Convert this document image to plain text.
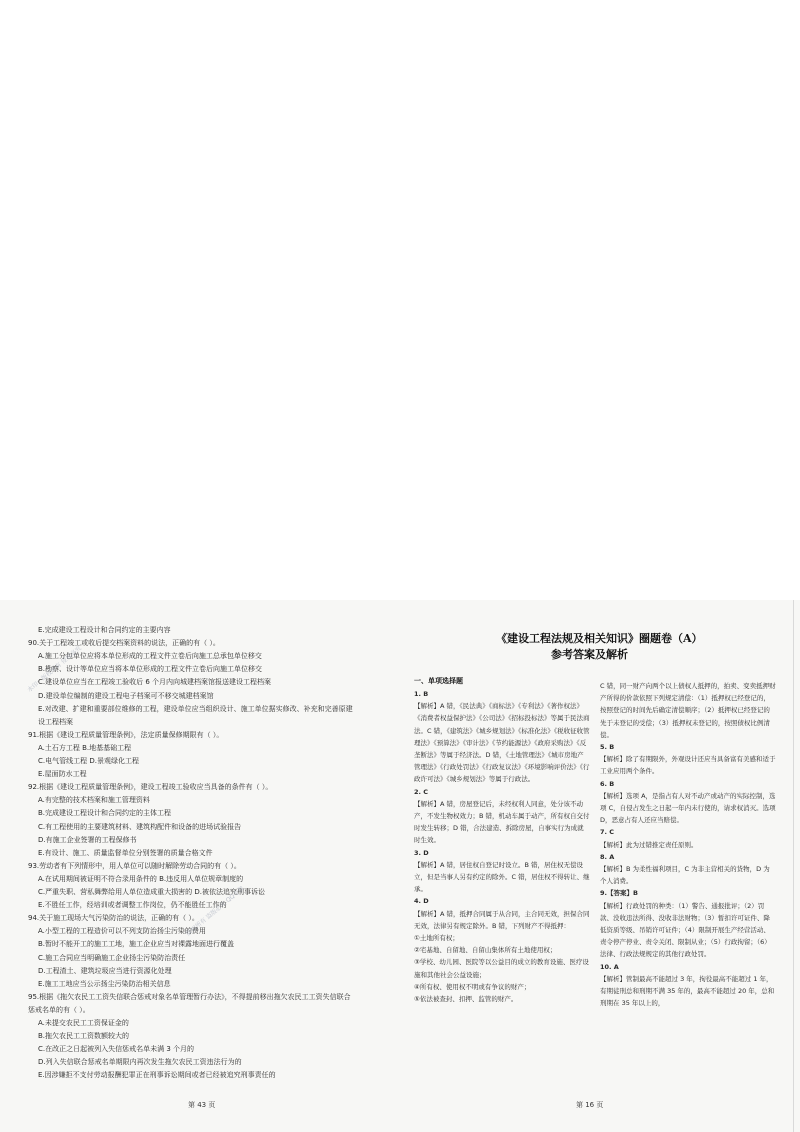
第 43 页
E.完成建设工程设计和合同约定的主要内容
90.关于工程竣工或收后提交档案资料的说法，正确的有（ ）。
A.施工分包单位应将本单位形成的工程文件立卷后向施工总承包单位移交
B.勘察、设计等单位应当将本单位形成的工程文件立卷后向施工单位移交
C.建设单位应当在工程竣工验收后 6 个月内向城建档案馆报送建设工程档案
D.建设单位编制的建设工程电子档案可不移交城建档案馆
E.对改建、扩建和重要部位维修的工程，建设单位应当组织设计、施工单位据实修改、补充和完善原建
设工程档案
91.根据《建设工程质量管理条例》，法定质量保修期限有（ ）。
A.土石方工程 B.地基基础工程
C.电气管线工程 D.景观绿化工程
E.屋面防水工程
92.根据《建设工程质量管理条例》，建设工程竣工验收应当具备的条件有（ ）。
A.有完整的技术档案和施工管理资料
B.完成建设工程设计和合同约定的主体工程
C.有工程使用的主要建筑材料、建筑构配件和设备的进场试验报告
D.有施工企业签署的工程保修书
E.有设计、施工、质量监督单位分别签署的质量合格文件
93.劳动者有下列情形中，用人单位可以随时解除劳动合同的有（ ）。
A.在试用期间被证明不符合录用条件的 B.违反用人单位规章制度的
C.严重失职、营私舞弊给用人单位造成重大损害的 D.被依法追究刑事诉讼
E.不胜任工作，经培训或者调整工作岗位，仍不能胜任工作的
94.关于施工现场大气污染防治的说法，正确的有（ ）。
A.小型工程的工程造价可以不列支防治扬尘污染的费用
B.暂时不能开工的施工工地，施工企业应当对裸露地面进行覆盖
C.施工合同应当明确施工企业扬尘污染防治责任
D.工程渣土、建筑垃圾应当进行资源化处理
E.施工工地应当公示扬尘污染防治相关信息
95.根据《拖欠农民工工资失信联合惩戒对象名单管理暂行办法》，不得提前移出拖欠农民工工资失信联合
惩戒名单的有（ ）。
A.未提交农民工工资保证金的
B.拖欠农民工工资数额较大的
C.在改正之日起被列入失信惩戒名单未满 3 个月的
D.列入失信联合惩戒名单期限内再次发生拖欠农民工资违法行为的
E.因涉嫌拒不支付劳动报酬犯罪正在刑事诉讼期间或者已经被追究刑事责任的
《建设工程法规及相关知识》圈题卷（A）
参考答案及解析
一、单项选择题
1. B
【解析】A 错，《民法典》《商标法》《专利法》《著作权法》《消费者权益保护法》《公司法》《招标投标法》等属于民法商法。C 错，《建筑法》《城乡规划法》《标准化法》《税收征收管理法》《预算法》《审计法》《节约能源法》《政府采购法》《反垄断法》等属于经济法。D 错，《土地管理法》《城市房地产管理法》《行政处罚法》《行政复议法》《环境影响评价法》《行政许可法》《城乡规划法》等属于行政法。
2. C
【解析】A 错，房屋登记后，未经权利人同意，处分该不动产，不发生物权效力；B 错，机动车属于动产，所有权自交付时发生转移；D 错，合法建造、拆除房屋，自事实行为成就时生效。
3. D
【解析】A 错，居住权自登记时设立。B 错，居住权无偿设立，但是当事人另有约定的除外。C 错，居住权不得转让、继承。
4. D
【解析】A 错，抵押合同属于从合同，主合同无效，担保合同无效，法律另有规定除外。B 错，下列财产不得抵押：
①土地所有权；
②宅基地、自留地、自留山集体所有土地使用权；
③学校、幼儿园、医院等以公益目的成立的教育设施、医疗设施和其他社会公益设施；
④所有权、使用权不明或有争议的财产；
⑤依法被查封、扣押、监管的财产。
C 错，同一财产向两个以上债权人抵押的，拍卖、变卖抵押财产所得的价款依照下列规定清偿：（1）抵押权已经登记的，按照登记的时间先后确定清偿顺序；（2）抵押权已经登记的先于未登记的受偿；（3）抵押权未登记的，按照债权比例清偿。
5. B
【解析】除了有期限外，外观设计还应当具备富有美感和适于工业应用两个条件。
6. B
【解析】选项 A，是指占有人对不动产或动产的实际控制，选项 C，自侵占发生之日起一年内未行使的，请求权消灭。选项 D，恶意占有人还应当赔偿。
7. C
【解析】此为过错推定责任原则。
8. A
【解析】B 为柔性福利项目，C 为非主营相关的货物，D 为个人消费。
9.【答案】B
【解析】行政处罚的种类：（1）警告、通报批评；（2）罚款、没收违法所得、没收非法财物；（3）暂扣许可证件、降低资质等级、吊销许可证件；（4）限制开展生产经营活动、责令停产停业、责令关闭、限制从业；（5）行政拘留；（6）法律、行政法规规定的其他行政处罚。
10. A
【解析】管制最高不能超过 3 年，拘役最高不能超过 1 年，有期徒刑总和刑期不满 35 年的，最高不能超过 20 年，总和刑期在 35 年以上的，
第 16 页
水印：版权所有 侵权必究
版权所有 盗版必究 QQ专供
